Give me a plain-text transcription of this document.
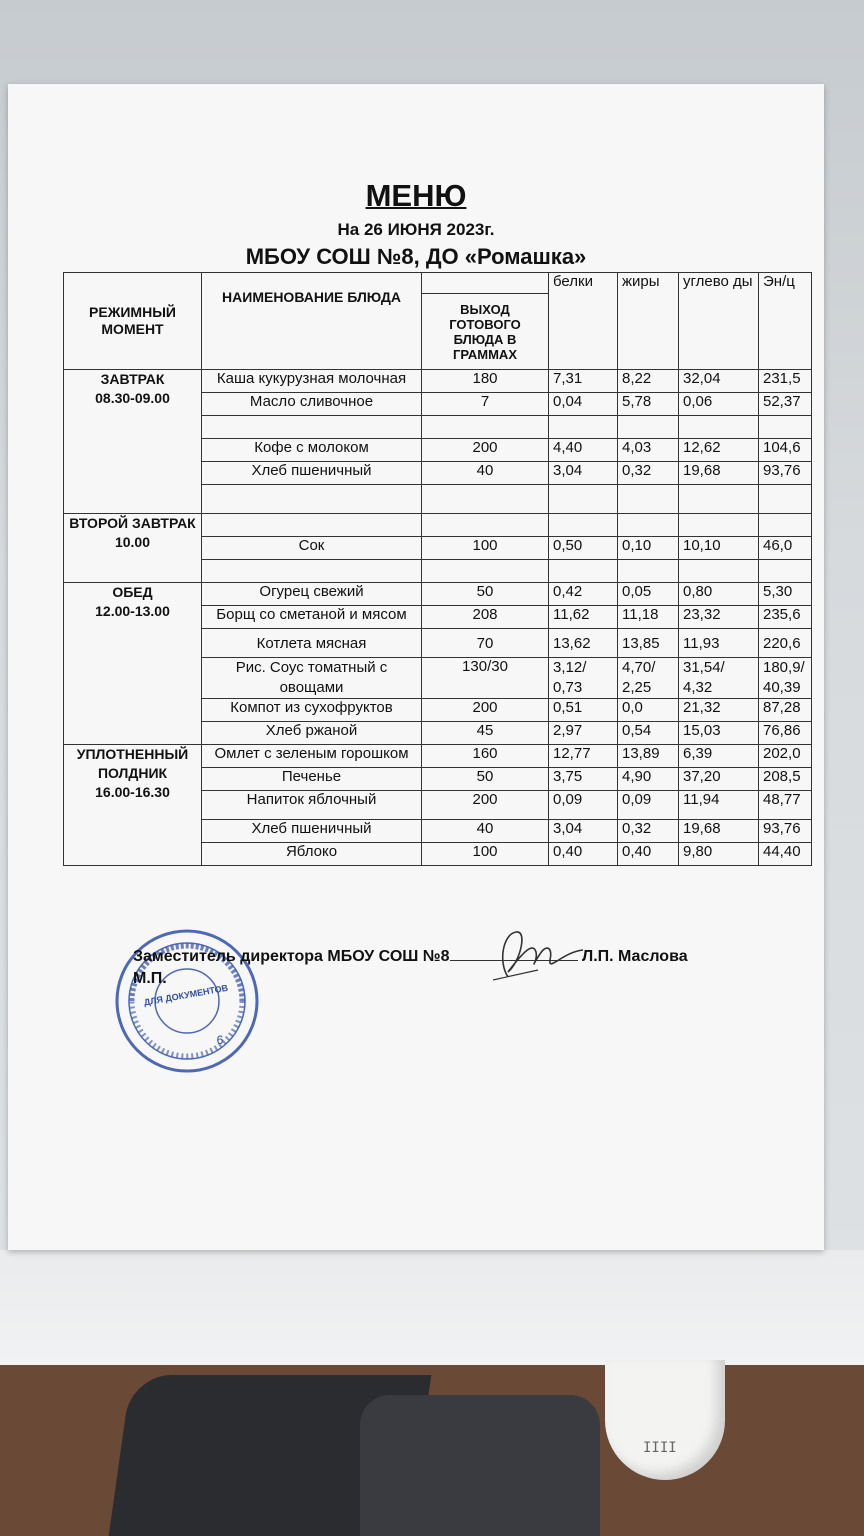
IIII
МЕНЮ
На 26 ИЮНЯ 2023г.
МБОУ СОШ №8, ДО «Ромашка»
РЕЖИМНЫЙ МОМЕНТ	НАИМЕНОВАНИЕ БЛЮДА		белки	жиры	углево ды	Эн/ц
		ВЫХОД ГОТОВОГО БЛЮДА В ГРАММАХ				
ЗАВТРАК
08.30-09.00	Каша кукурузная молочная	180	7,31	8,22	32,04	231,5
	Масло сливочное	7	0,04	5,78	0,06	52,37

	Кофе с молоком	200	4,40	4,03	12,62	104,6
	Хлеб пшеничный	40	3,04	0,32	19,68	93,76

ВТОРОЙ ЗАВТРАК
10.00						
	Сок	100	0,50	0,10	10,10	46,0

ОБЕД
12.00-13.00	Огурец свежий	50	0,42	0,05	0,80	5,30
	Борщ со сметаной и мясом	208	11,62	11,18	23,32	235,6
	Котлета мясная	70	13,62	13,85	11,93	220,6
	Рис. Соус томатный с овощами	130/30	3,12/ 0,73	4,70/ 2,25	31,54/ 4,32	180,9/ 40,39
	Компот из сухофруктов	200	0,51	0,0	21,32	87,28
	Хлеб ржаной	45	2,97	0,54	15,03	76,86
УПЛОТНЕННЫЙ ПОЛДНИК
16.00-16.30	Омлет с зеленым горошком	160	12,77	13,89	6,39	202,0
	Печенье	50	3,75	4,90	37,20	208,5
	Напиток яблочный	200	0,09	0,09	11,94	48,77
	Хлеб пшеничный	40	3,04	0,32	19,68	93,76
	Яблоко	100	0,40	0,40	9,80	44,40
ДЛЯ ДОКУМЕНТОВ
6
Заместитель директора МБОУ СОШ №8	Л.П. Маслова
М.П.
